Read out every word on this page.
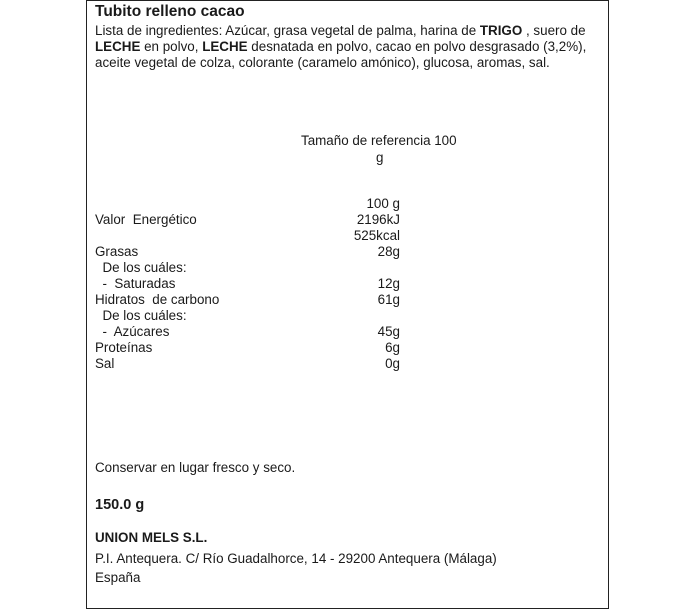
Tubito relleno cacao
Lista de ingredientes: Azúcar, grasa vegetal de palma, harina de TRIGO , suero de LECHE en polvo, LECHE desnatada en polvo, cacao en polvo desgrasado (3,2%), aceite vegetal de colza, colorante (caramelo amónico), glucosa, aromas, sal.
Tamaño de referencia 100
g
100 g
Valor  Energético	2196kJ
525kcal
Grasas	28g
De los cuáles:
-  Saturadas	12g
Hidratos  de carbono	61g
De los cuáles:
-  Azúcares	45g
Proteínas	6g
Sal	0g
Conservar en lugar fresco y seco.
150.0 g
UNION MELS S.L.
P.I. Antequera. C/ Río Guadalhorce, 14 - 29200 Antequera (Málaga)
España
